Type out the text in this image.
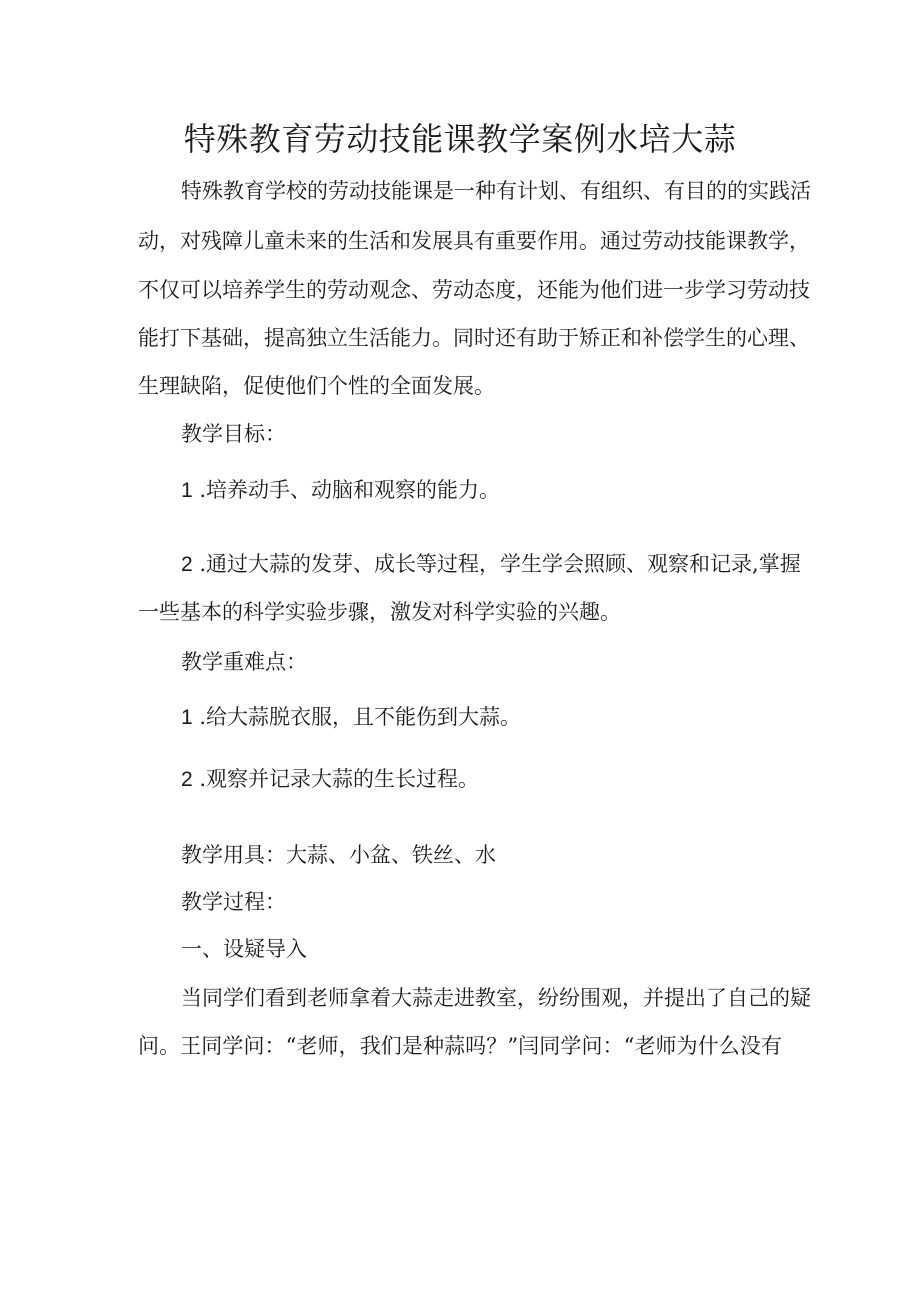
特殊教育劳动技能课教学案例水培大蒜
特殊教育学校的劳动技能课是一种有计划、有组织、有目的的实践活
动，对残障儿童未来的生活和发展具有重要作用。通过劳动技能课教学，
不仅可以培养学生的劳动观念、劳动态度，还能为他们进一步学习劳动技
能打下基础，提高独立生活能力。同时还有助于矫正和补偿学生的心理、
生理缺陷，促使他们个性的全面发展。
教学目标：
1 .培养动手、动脑和观察的能力。
2 .通过大蒜的发芽、成长等过程，学生学会照顾、观察和记录,掌握
一些基本的科学实验步骤，激发对科学实验的兴趣。
教学重难点：
1 .给大蒜脱衣服，且不能伤到大蒜。
2 .观察并记录大蒜的生长过程。
教学用具：大蒜、小盆、铁丝、水
教学过程：
一、设疑导入
当同学们看到老师拿着大蒜走进教室，纷纷围观，并提出了自己的疑
问。王同学问：“老师，我们是种蒜吗？”闫同学问：“老师为什么没有
